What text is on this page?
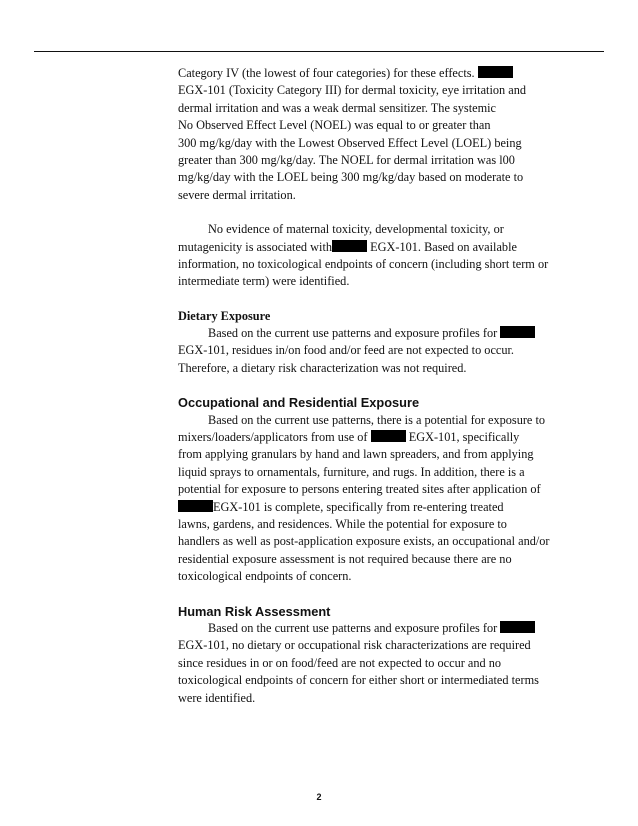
Category IV (the lowest of four categories) for these effects.
EGX-101 (Toxicity Category III) for dermal toxicity, eye irritation and
dermal irritation and was a weak dermal sensitizer. The systemic
No Observed Effect Level (NOEL) was equal to or greater than
300 mg/kg/day with the Lowest Observed Effect Level (LOEL) being
greater than 300 mg/kg/day. The NOEL for dermal irritation was l00
mg/kg/day with the LOEL being 300 mg/kg/day based on moderate to
severe dermal irritation.
No evidence of maternal toxicity, developmental toxicity, or
mutagenicity is associated with	EGX-101. Based on available
information, no toxicological endpoints of concern (including short term or
intermediate term) were identified.
Dietary Exposure
Based on the current use patterns and exposure profiles for
EGX-101, residues in/on food and/or feed are not expected to occur.
Therefore, a dietary risk characterization was not required.
Occupational and Residential Exposure
Based on the current use patterns, there is a potential for exposure to
mixers/loaders/applicators from use of	EGX-101, specifically
from applying granulars by hand and lawn spreaders, and from applying
liquid sprays to ornamentals, furniture, and rugs. In addition, there is a
potential for exposure to persons entering treated sites after application of
EGX-101 is complete, specifically from re-entering treated
lawns, gardens, and residences. While the potential for exposure to
handlers as well as post-application exposure exists, an occupational and/or
residential exposure assessment is not required because there are no
toxicological endpoints of concern.
Human Risk Assessment
Based on the current use patterns and exposure profiles for
EGX-101, no dietary or occupational risk characterizations are required
since residues in or on food/feed are not expected to occur and no
toxicological endpoints of concern for either short or intermediated terms
were identified.
2
